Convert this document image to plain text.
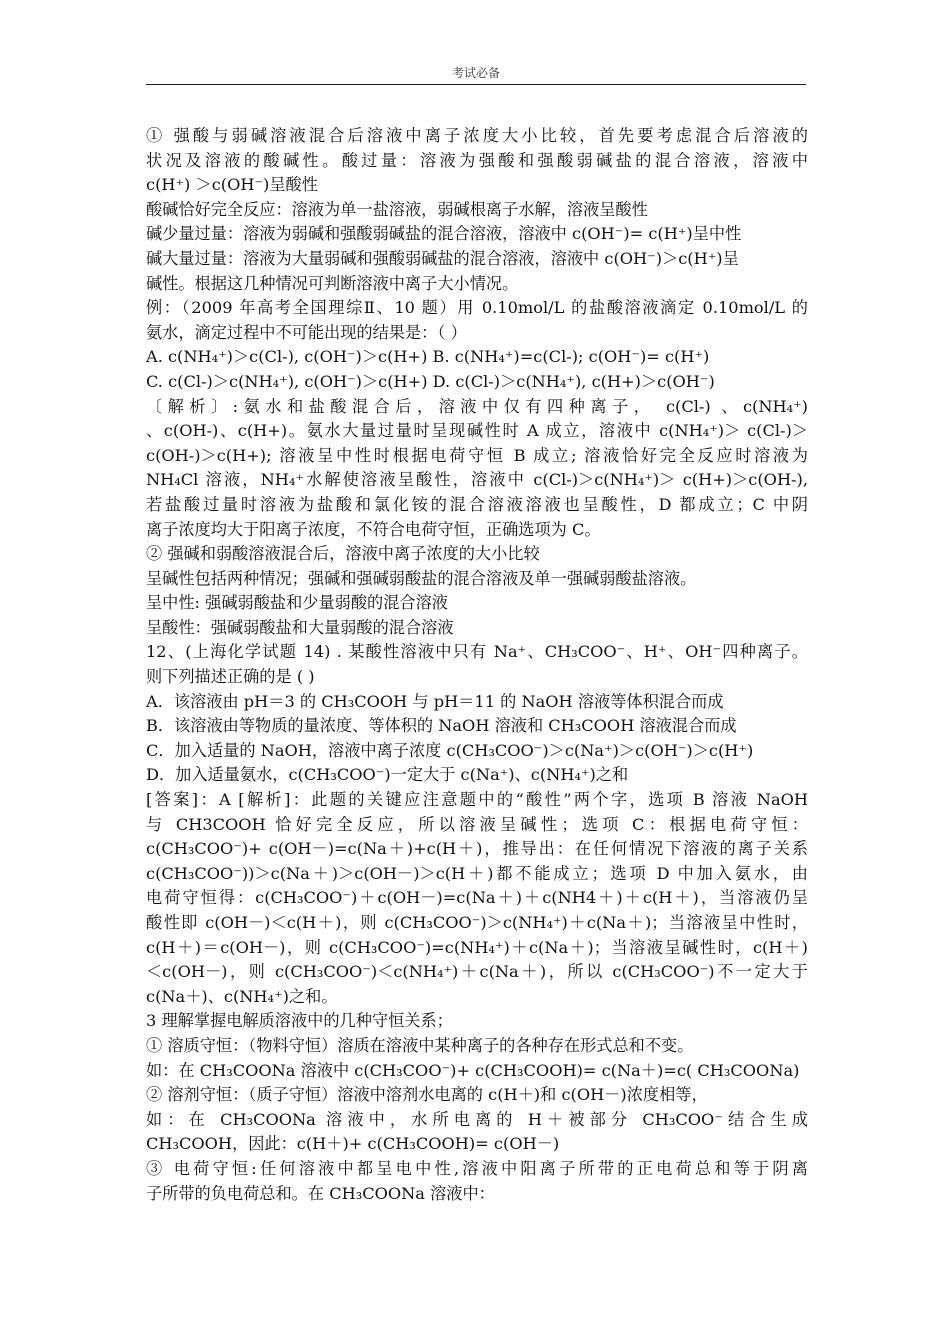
考试必备
① 强酸与弱碱溶液混合后溶液中离子浓度大小比较，首先要考虑混合后溶液的
状况及溶液的酸碱性。酸过量：溶液为强酸和强酸弱碱盐的混合溶液，溶液中
c(H⁺) ＞c(OH⁻)呈酸性
酸碱恰好完全反应：溶液为单一盐溶液，弱碱根离子水解，溶液呈酸性
碱少量过量：溶液为弱碱和强酸弱碱盐的混合溶液，溶液中 c(OH⁻)= c(H⁺)呈中性
碱大量过量：溶液为大量弱碱和强酸弱碱盐的混合溶液，溶液中 c(OH⁻)＞c(H⁺)呈
碱性。根据这几种情况可判断溶液中离子大小情况。
例：（2009 年高考全国理综Ⅱ、10 题）用 0.10mol/L 的盐酸溶液滴定 0.10mol/L 的
氨水，滴定过程中不可能出现的结果是：（ ）
A. c(NH₄⁺)＞c(Cl-), c(OH⁻)＞c(H+) B. c(NH₄⁺)=c(Cl-); c(OH⁻)= c(H⁺)
C. c(Cl-)＞c(NH₄⁺), c(OH⁻)＞c(H+) D. c(Cl-)＞c(NH₄⁺), c(H+)＞c(OH⁻)
〔解析〕:氨水和盐酸混合后，溶液中仅有四种离子， c(Cl-) 、c(NH₄⁺)
、c(OH-)、c(H+)。氨水大量过量时呈现碱性时 A 成立，溶液中 c(NH₄⁺)＞ c(Cl-)＞
c(OH-)＞c(H+); 溶液呈中性时根据电荷守恒 B 成立; 溶液恰好完全反应时溶液为
NH₄Cl 溶液，NH₄⁺水解使溶液呈酸性，溶液中 c(Cl-)＞c(NH₄⁺)＞ c(H+)＞c(OH-),
若盐酸过量时溶液为盐酸和氯化铵的混合溶液溶液也呈酸性，D 都成立；C 中阴
离子浓度均大于阳离子浓度，不符合电荷守恒，正确选项为 C。
② 强碱和弱酸溶液混合后，溶液中离子浓度的大小比较
呈碱性包括两种情况；强碱和强碱弱酸盐的混合溶液及单一强碱弱酸盐溶液。
呈中性: 强碱弱酸盐和少量弱酸的混合溶液
呈酸性：强碱弱酸盐和大量弱酸的混合溶液
12、(上海化学试题 14) . 某酸性溶液中只有 Na⁺、CH₃COO⁻、H⁺、OH⁻四种离子。
则下列描述正确的是 ( )
A．该溶液由 pH＝3 的 CH₃COOH 与 pH＝11 的 NaOH 溶液等体积混合而成
B．该溶液由等物质的量浓度、等体积的 NaOH 溶液和 CH₃COOH 溶液混合而成
C．加入适量的 NaOH，溶液中离子浓度 c(CH₃COO⁻)＞c(Na⁺)＞c(OH⁻)＞c(H⁺)
D．加入适量氨水，c(CH₃COO⁻)一定大于 c(Na⁺)、c(NH₄⁺)之和
[答案]：A [解析]：此题的关键应注意题中的“酸性”两个字，选项 B 溶液 NaOH
与 CH3COOH 恰好完全反应，所以溶液呈碱性；选项 C：根据电荷守恒：
c(CH₃COO⁻)+ c(OH－)=c(Na＋)+c(H＋)，推导出：在任何情况下溶液的离子关系
c(CH₃COO⁻))＞c(Na＋)＞c(OH－)＞c(H＋)都不能成立；选项 D 中加入氨水，由
电荷守恒得：c(CH₃COO⁻)＋c(OH－)=c(Na＋)＋c(NH4＋)＋c(H＋)，当溶液仍呈
酸性即 c(OH－)＜c(H＋)，则 c(CH₃COO⁻)＞c(NH₄⁺)＋c(Na＋)；当溶液呈中性时，
c(H＋)＝c(OH－)，则 c(CH₃COO⁻)=c(NH₄⁺)＋c(Na＋)；当溶液呈碱性时，c(H＋)
＜c(OH－)，则 c(CH₃COO⁻)＜c(NH₄⁺)＋c(Na＋)，所以 c(CH₃COO⁻)不一定大于
c(Na＋)、c(NH₄⁺)之和。
3 理解掌握电解质溶液中的几种守恒关系；
① 溶质守恒：（物料守恒）溶质在溶液中某种离子的各种存在形式总和不变。
如：在 CH₃COONa 溶液中 c(CH₃COO⁻)+ c(CH₃COOH)= c(Na＋)=c( CH₃COONa)
② 溶剂守恒：（质子守恒）溶液中溶剂水电离的 c(H＋)和 c(OH－)浓度相等，
如：在 CH₃COONa 溶液中，水所电离的 H＋被部分 CH₃COO⁻结合生成
CH₃COOH，因此：c(H＋)+ c(CH₃COOH)= c(OH－)
③ 电荷守恒:任何溶液中都呈电中性,溶液中阳离子所带的正电荷总和等于阴离
子所带的负电荷总和。在 CH₃COONa 溶液中：
